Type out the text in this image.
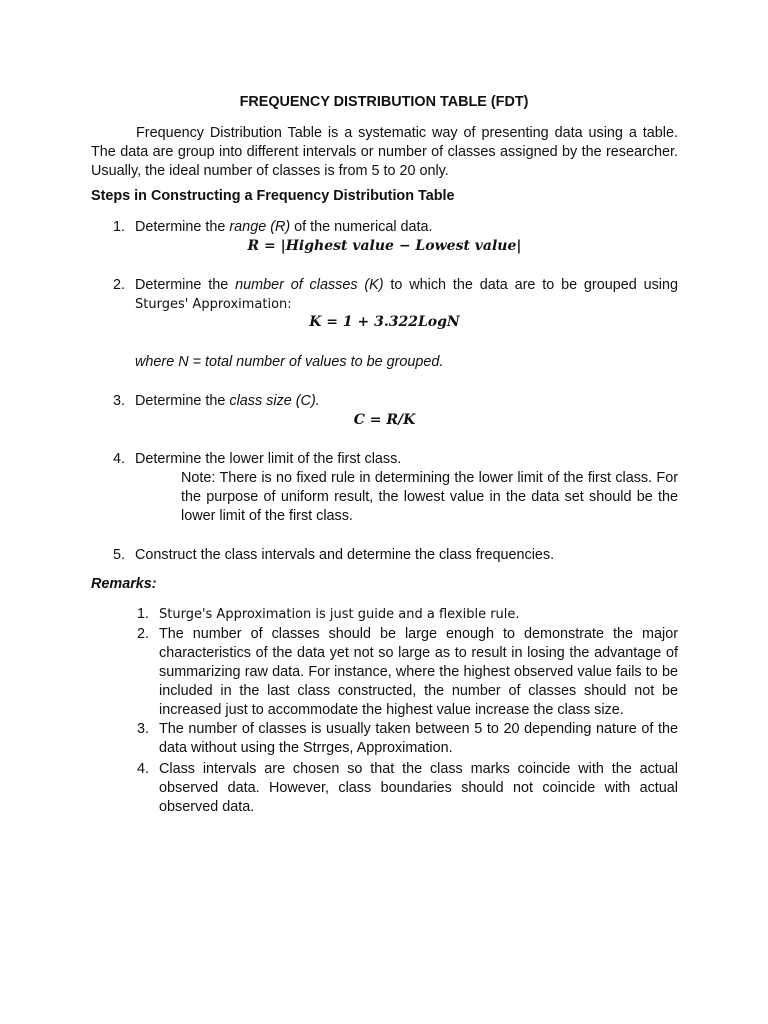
FREQUENCY DISTRIBUTION TABLE (FDT)
Frequency Distribution Table is a systematic way of presenting data using a table. The data are group into different intervals or number of classes assigned by the researcher. Usually, the ideal number of classes is from 5 to 20 only.
Steps in Constructing a Frequency Distribution Table
1. Determine the range (R) of the numerical data.
R = |Highest value − Lowest value|
2. Determine the number of classes (K) to which the data are to be grouped using
Sturges' Approximation:
K = 1 + 3.322LogN
where N = total number of values to be grouped.
3. Determine the class size (C).
C = R/K
4. Determine the lower limit of the first class.
Note: There is no fixed rule in determining the lower limit of the first class. For the purpose of uniform result, the lowest value in the data set should be the lower limit of the first class.
5. Construct the class intervals and determine the class frequencies.
Remarks:
1. Sturge's Approximation is just guide and a flexible rule.
2. The number of classes should be large enough to demonstrate the major characteristics of the data yet not so large as to result in losing the advantage of summarizing raw data. For instance, where the highest observed value fails to be included in the last class constructed, the number of classes should not be increased just to accommodate the highest value increase the class size.
3. The number of classes is usually taken between 5 to 20 depending nature of the data without using the Strrges, Approximation.
4. Class intervals are chosen so that the class marks coincide with the actual observed data. However, class boundaries should not coincide with actual observed data.
